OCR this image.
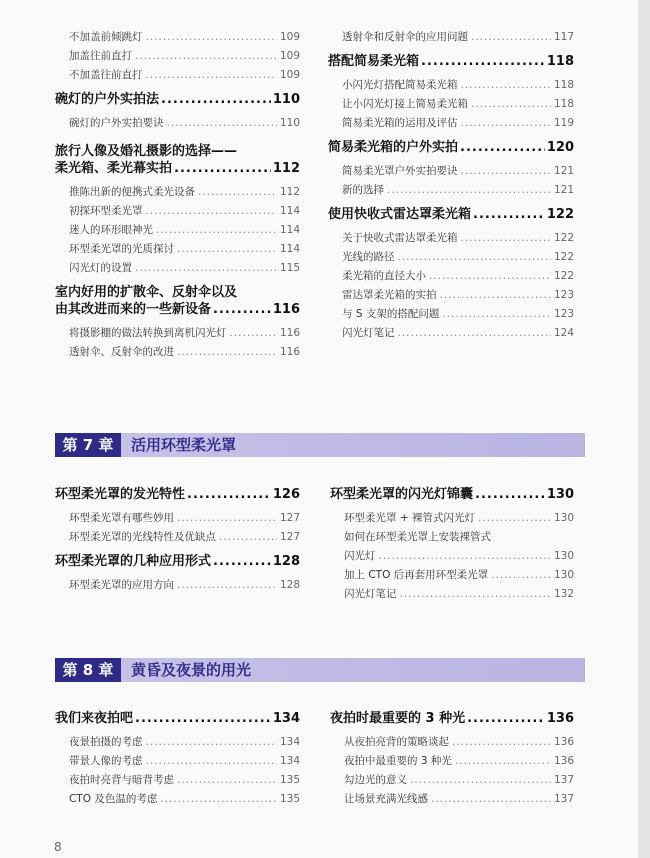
不加盖前倾跳灯 .....	109
加盖往前直打 .....	109
不加盖往前直打 .....	109
碗灯的户外实拍法 .....	110
碗灯的户外实拍要诀 .....	110
旅行人像及婚礼摄影的选择——
柔光箱、柔光幕实拍 .....	112
推陈出新的便携式柔光设备 .....	112
初探环型柔光罩 .....	114
迷人的环形眼神光 .....	114
环型柔光罩的光质探讨 .....	114
闪光灯的设置 .....	115
室内好用的扩散伞、反射伞以及
由其改进而来的一些新设备 .....	116
将摄影棚的做法转换到离机闪光灯 .....	116
透射伞、反射伞的改进 .....	116
透射伞和反射伞的应用问题 .....	117
搭配简易柔光箱 .....	118
小闪光灯搭配简易柔光箱 .....	118
让小闪光灯接上简易柔光箱 .....	118
简易柔光箱的运用及评估 .....	119
简易柔光箱的户外实拍 .....	120
简易柔光罩户外实拍要诀 .....	121
新的选择 .....	121
使用快收式雷达罩柔光箱 .....	122
关于快收式雷达罩柔光箱 .....	122
光线的路径 .....	122
柔光箱的直径大小 .....	122
雷达罩柔光箱的实拍 .....	123
与 S 支架的搭配问题 .....	123
闪光灯笔记 .....	124
第 7 章	活用环型柔光罩
环型柔光罩的发光特性 .....	126
环型柔光罩有哪些妙用 .....	127
环型柔光罩的光线特性及优缺点 .....	127
环型柔光罩的几种应用形式 .....	128
环型柔光罩的应用方向 .....	128
环型柔光罩的闪光灯锦囊 .....	130
环型柔光罩 + 裸管式闪光灯 .....	130
如何在环型柔光罩上安装裸管式
闪光灯 .....	130
加上 CTO 后再套用环型柔光罩 .....	130
闪光灯笔记 .....	132
第 8 章	黄昏及夜景的用光
我们来夜拍吧 .....	134
夜景拍摄的考虑 .....	134
带景人像的考虑 .....	134
夜拍时亮背与暗背考虑 .....	135
CTO 及色温的考虑 .....	135
夜拍时最重要的 3 种光 .....	136
从夜拍亮背的策略谈起 .....	136
夜拍中最重要的 3 种光 .....	136
勾边光的意义 .....	137
让场景充满光线感 .....	137
8
